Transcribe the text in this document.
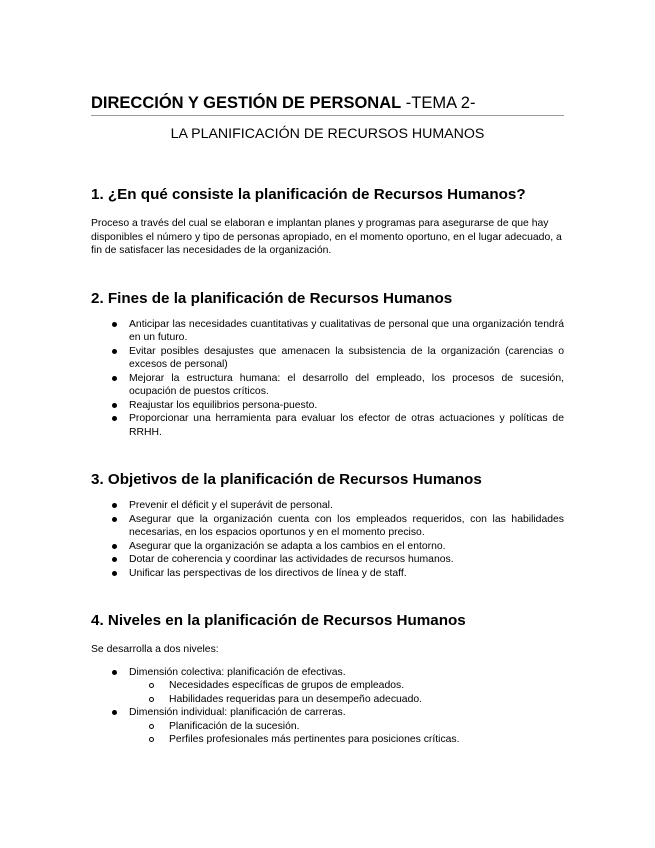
DIRECCIÓN Y GESTIÓN DE PERSONAL -TEMA 2-
LA PLANIFICACIÓN DE RECURSOS HUMANOS
1. ¿En qué consiste la planificación de Recursos Humanos?

Proceso a través del cual se elaboran e implantan planes y programas para asegurarse de que hay disponibles el número y tipo de personas apropiado, en el momento oportuno, en el lugar adecuado, a fin de satisfacer las necesidades de la organización.

2. Fines de la planificación de Recursos Humanos
Anticipar las necesidades cuantitativas y cualitativas de personal que una organización tendrá en un futuro.
Evitar posibles desajustes que amenacen la subsistencia de la organización (carencias o excesos de personal)
Mejorar la estructura humana: el desarrollo del empleado, los procesos de sucesión, ocupación de puestos críticos.
Reajustar los equilibrios persona-puesto.
Proporcionar una herramienta para evaluar los efector de otras actuaciones y políticas de RRHH.
3. Objetivos de la planificación de Recursos Humanos
Prevenir el déficit y el superávit de personal.
Asegurar que la organización cuenta con los empleados requeridos, con las habilidades necesarias, en los espacios oportunos y en el momento preciso.
Asegurar que la organización se adapta a los cambios en el entorno.
Dotar de coherencia y coordinar las actividades de recursos humanos.
Unificar las perspectivas de los directivos de línea y de staff.
4. Niveles en la planificación de Recursos Humanos

Se desarrolla a dos niveles:

Dimensión colectiva: planificación de efectivas.
Necesidades específicas de grupos de empleados.
Habilidades requeridas para un desempeño adecuado.
Dimensión individual: planificación de carreras.
Planificación de la sucesión.
Perfiles profesionales más pertinentes para posiciones críticas.
